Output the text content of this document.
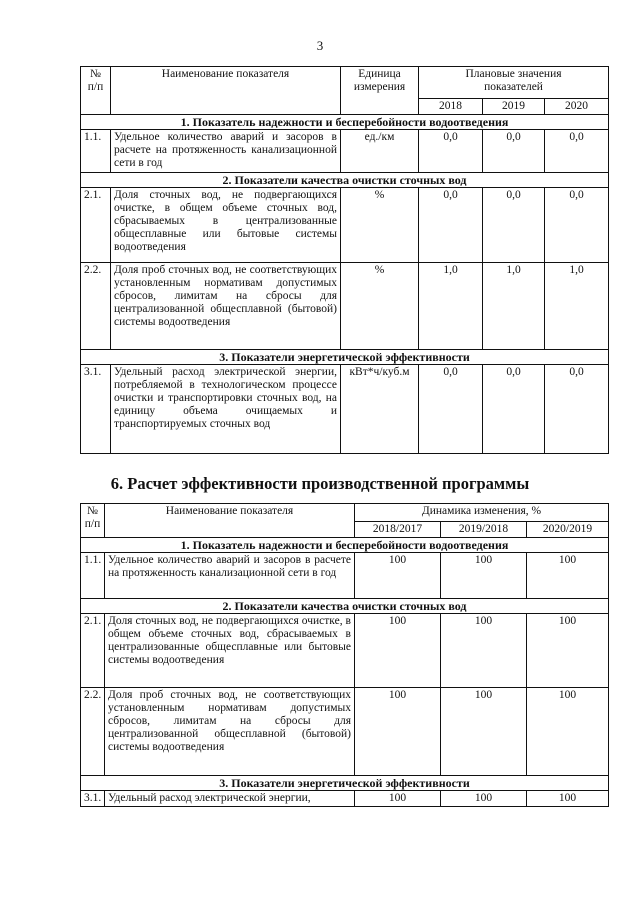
3
№
п/п	Наименование показателя	Единица
измерения	Плановые значения
показателей		
			2018	2019	2020
1. Показатель надежности и бесперебойности водоотведения					
1.1.	Удельное количество аварий и засоров в расчете на протяженность канализационной сети в год	ед./км	0,0	0,0	0,0
2. Показатели качества очистки сточных вод					
2.1.	Доля сточных вод, не подвергающихся очистке, в общем объеме сточных вод, сбрасываемых в централизованные общесплавные или бытовые системы водоотведения	%	0,0	0,0	0,0
2.2.	Доля проб сточных вод, не соответствующих установленным нормативам допустимых сбросов, лимитам на сбросы для централизованной общесплавной (бытовой) системы водоотведения	%	1,0	1,0	1,0
3. Показатели энергетической эффективности					
3.1.	Удельный расход электрической энергии, потребляемой в технологическом процессе очистки и транспортировки сточных вод, на единицу объема очищаемых и транспортируемых сточных вод	кВт*ч/куб.м	0,0	0,0	0,0
6. Расчет эффективности производственной программы
№
п/п	Наименование показателя	Динамика изменения, %		
		2018/2017	2019/2018	2020/2019
1. Показатель надежности и бесперебойности водоотведения				
1.1.	Удельное количество аварий и засоров в расчете на протяженность канализационной сети в год	100	100	100
2. Показатели качества очистки сточных вод				
2.1.	Доля сточных вод, не подвергающихся очистке, в общем объеме сточных вод, сбрасываемых в централизованные общесплавные или бытовые системы водоотведения	100	100	100
2.2.	Доля проб сточных вод, не соответствующих установленным нормативам допустимых сбросов, лимитам на сбросы для централизованной общесплавной (бытовой) системы водоотведения	100	100	100
3. Показатели энергетической эффективности				
3.1.	Удельный расход электрической энергии,	100	100	100
